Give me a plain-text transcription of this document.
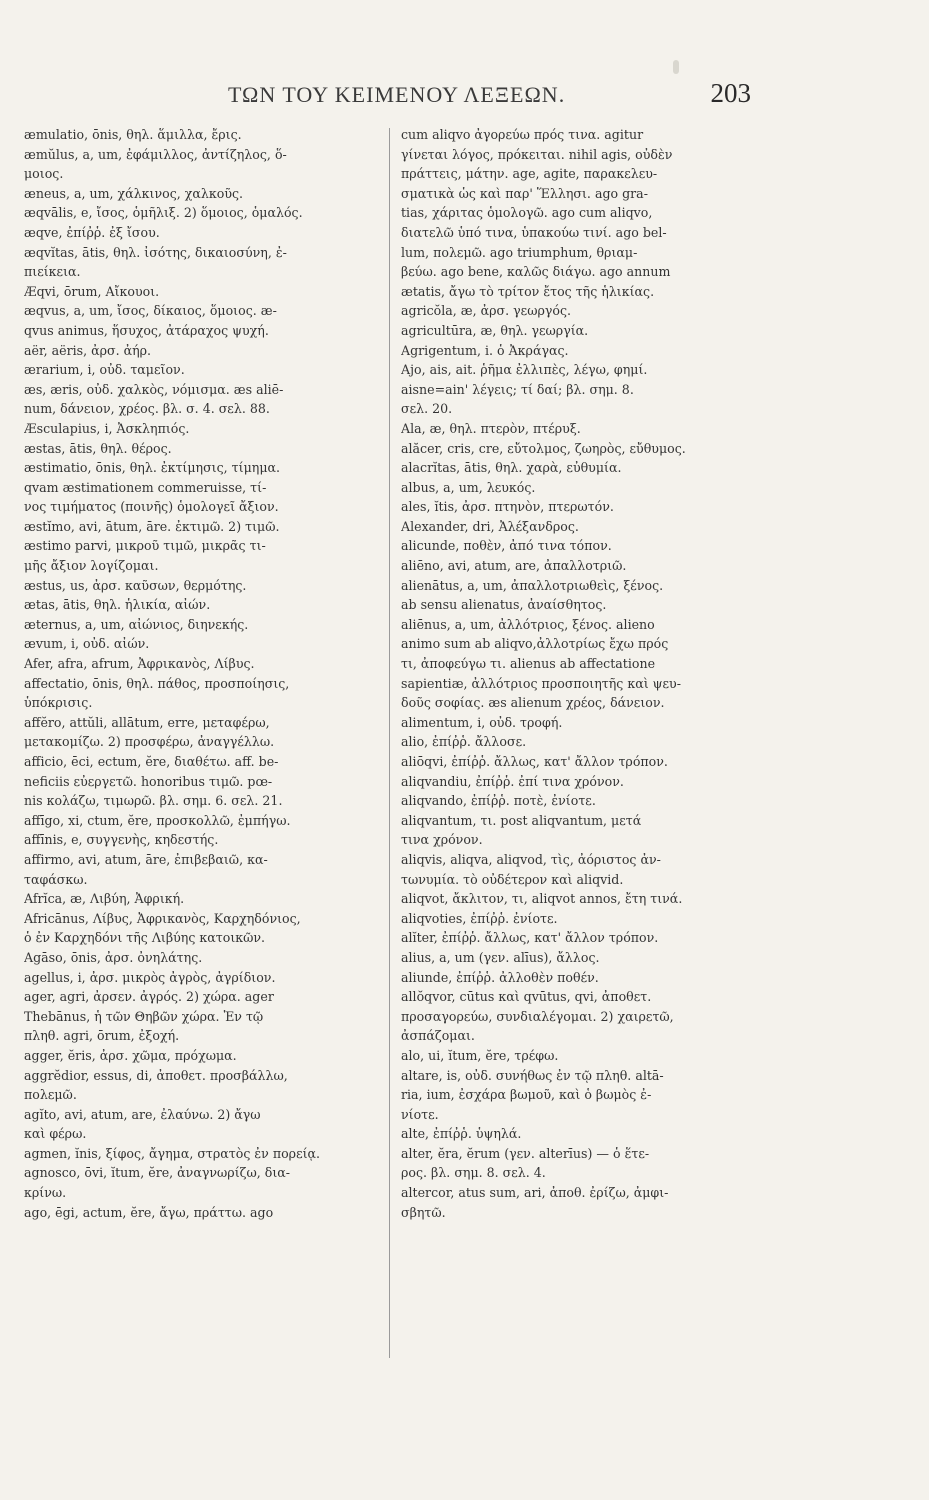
ΤΩΝ ΤΟΥ ΚΕΙΜΕΝΟΥ ΛΕΞΕΩΝ.	203
æmulatio, ōnis, θηλ. ἅμιλλα, ἔρις.
æmŭlus, a, um, ἐφάμιλλος, ἀντίζηλος, ὅ-
μοιος.
æneus, a, um, χάλκινος, χαλκοῦς.
æqvālis, e, ἴσος, ὁμῆλιξ. 2) ὅμοιος, ὁμαλός.
æqve, ἐπίῤῥ. ἐξ ἴσου.
æqvĭtas, ātis, θηλ. ἰσότης, δικαιοσύνη, ἐ-
πιείκεια.
Æqvi, ōrum, Αἴκουοι.
æqvus, a, um, ἴσος, δίκαιος, ὅμοιος. æ-
qvus animus, ἥσυχος, ἀτάραχος ψυχή.
aër, aëris, ἀρσ. ἀήρ.
ærarium, i, οὐδ. ταμεῖον.
æs, æris, οὐδ. χαλκὸς, νόμισμα. æs aliē-
num, δάνειον, χρέος. βλ. σ. 4. σελ. 88.
Æsculapius, i, Ἀσκληπιός.
æstas, ātis, θηλ. θέρος.
æstimatio, ōnis, θηλ. ἐκτίμησις, τίμημα.
qvam æstimationem commeruisse, τί-
νος τιμήματος (ποινῆς) ὁμολογεῖ ἄξιον.
æstĭmo, avi, ātum, āre. ἐκτιμῶ. 2) τιμῶ.
æstimo parvi, μικροῦ τιμῶ, μικρᾶς τι-
μῆς ἄξιον λογίζομαι.
æstus, us, ἀρσ. καῦσων, θερμότης.
ætas, ātis, θηλ. ἡλικία, αἰών.
æternus, a, um, αἰώνιος, διηνεκής.
ævum, i, οὐδ. αἰών.
Afer, afra, afrum, Ἀφρικανὸς, Λίβυς.
affectatio, ōnis, θηλ. πάθος, προσποίησις,
ὑπόκρισις.
affĕro, attŭli, allātum, erre, μεταφέρω,
μετακομίζω. 2) προσφέρω, ἀναγγέλλω.
afficio, ēci, ectum, ĕre, διαθέτω. aff. be-
neficiis εὐεργετῶ. honoribus τιμῶ. pœ-
nis κολάζω, τιμωρῶ. βλ. σημ. 6. σελ. 21.
affīgo, xi, ctum, ĕre, προσκολλῶ, ἐμπήγω.
affīnis, e, συγγενὴς, κηδεστής.
affirmo, avi, atum, āre, ἐπιβεβαιῶ, κα-
ταφάσκω.
Afrĭca, æ, Λιβύη, Ἀφρική.
Africānus, Λίβυς, Ἀφρικανὸς, Καρχηδόνιος,
ὁ ἐν Καρχηδόνι τῆς Λιβύης κατοικῶν.
Agāso, ōnis, ἀρσ. ὀνηλάτης.
agellus, i, ἀρσ. μικρὸς ἀγρὸς, ἀγρίδιον.
ager, agri, ἀρσεν. ἀγρός. 2) χώρα. ager
Thebānus, ἡ τῶν Θηβῶν χώρα. Ἐν τῷ
πληθ. agri, ōrum, ἐξοχή.
agger, ĕris, ἀρσ. χῶμα, πρόχωμα.
aggrĕdior, essus, di, ἀποθετ. προσβάλλω,
πολεμῶ.
agĭto, avi, atum, are, ἐλαύνω. 2) ἄγω
καὶ φέρω.
agmen, ĭnis, ξίφος, ἄγημα, στρατὸς ἐν πορείᾳ.
agnosco, ōvi, ĭtum, ĕre, ἀναγνωρίζω, δια-
κρίνω.
ago, ēgi, actum, ĕre, ἄγω, πράττω. ago
cum aliqvo ἀγορεύω πρός τινα. agitur
γίνεται λόγος, πρόκειται. nihil agis, οὐδὲν
πράττεις, μάτην. age, agite, παρακελευ-
σματικὰ ὡς καὶ παρ' Ἕλλησι. ago gra-
tias, χάριτας ὁμολογῶ. ago cum aliqvo,
διατελῶ ὑπό τινα, ὑπακούω τινί. ago bel-
lum, πολεμῶ. ago triumphum, θριαμ-
βεύω. ago bene, καλῶς διάγω. ago annum
ætatis, ἄγω τὸ τρίτον ἔτος τῆς ἡλικίας.
agricŏla, æ, ἀρσ. γεωργός.
agricultūra, æ, θηλ. γεωργία.
Agrigentum, i. ὁ Ἀκράγας.
Ajo, ais, ait. ῥῆμα ἐλλιπὲς, λέγω, φημί.
aisne=ain' λέγεις; τί δαί; βλ. σημ. 8.
σελ. 20.
Ala, æ, θηλ. πτερὸν, πτέρυξ.
alăcer, cris, cre, εὔτολμος, ζωηρὸς, εὔθυμος.
alacrĭtas, ātis, θηλ. χαρὰ, εὐθυμία.
albus, a, um, λευκός.
ales, ĭtis, ἀρσ. πτηνὸν, πτερωτόν.
Alexander, dri, Ἀλέξανδρος.
alicunde, ποθὲν, ἀπό τινα τόπον.
aliēno, avi, atum, are, ἀπαλλοτριῶ.
alienātus, a, um, ἀπαλλοτριωθεὶς, ξένος.
ab sensu alienatus, ἀναίσθητος.
aliēnus, a, um, ἀλλότριος, ξένος. alieno
animo sum ab aliqvo,ἀλλοτρίως ἔχω πρός
τι, ἀποφεύγω τι. alienus ab affectatione
sapientiæ, ἀλλότριος προσποιητῆς καὶ ψευ-
δοῦς σοφίας. æs alienum χρέος, δάνειον.
alimentum, i, οὐδ. τροφή.
alio, ἐπίῤῥ. ἄλλοσε.
aliōqvi, ἐπίῤῥ. ἄλλως, κατ' ἄλλον τρόπον.
aliqvandiu, ἐπίῤῥ. ἐπί τινα χρόνον.
aliqvando, ἐπίῤῥ. ποτὲ, ἐνίοτε.
aliqvantum, τι. post aliqvantum, μετά
τινα χρόνον.
aliqvis, aliqva, aliqvod, τὶς, ἀόριστος ἀν-
τωνυμία. τὸ οὐδέτερον καὶ aliqvid.
aliqvot, ἄκλιτον, τι, aliqvot annos, ἔτη τινά.
aliqvoties, ἐπίῤῥ. ἐνίοτε.
alĭter, ἐπίῤῥ. ἄλλως, κατ' ἄλλον τρόπον.
alius, a, um (γεν. alīus), ἄλλος.
aliunde, ἐπίῤῥ. ἀλλοθὲν ποθέν.
allŏqvor, cūtus καὶ qvūtus, qvi, ἀποθετ.
προσαγορεύω, συνδιαλέγομαι. 2) χαιρετῶ,
ἀσπάζομαι.
alo, ui, ĭtum, ĕre, τρέφω.
altare, is, οὐδ. συνήθως ἐν τῷ πληθ. altā-
ria, ium, ἐσχάρα βωμοῦ, καὶ ὁ βωμὸς ἐ-
νίοτε.
alte, ἐπίῤῥ. ὑψηλά.
alter, ĕra, ĕrum (γεν. alterīus) — ὁ ἕτε-
ρος. βλ. σημ. 8. σελ. 4.
altercor, atus sum, ari, ἀποθ. ἐρίζω, ἀμφι-
σβητῶ.
